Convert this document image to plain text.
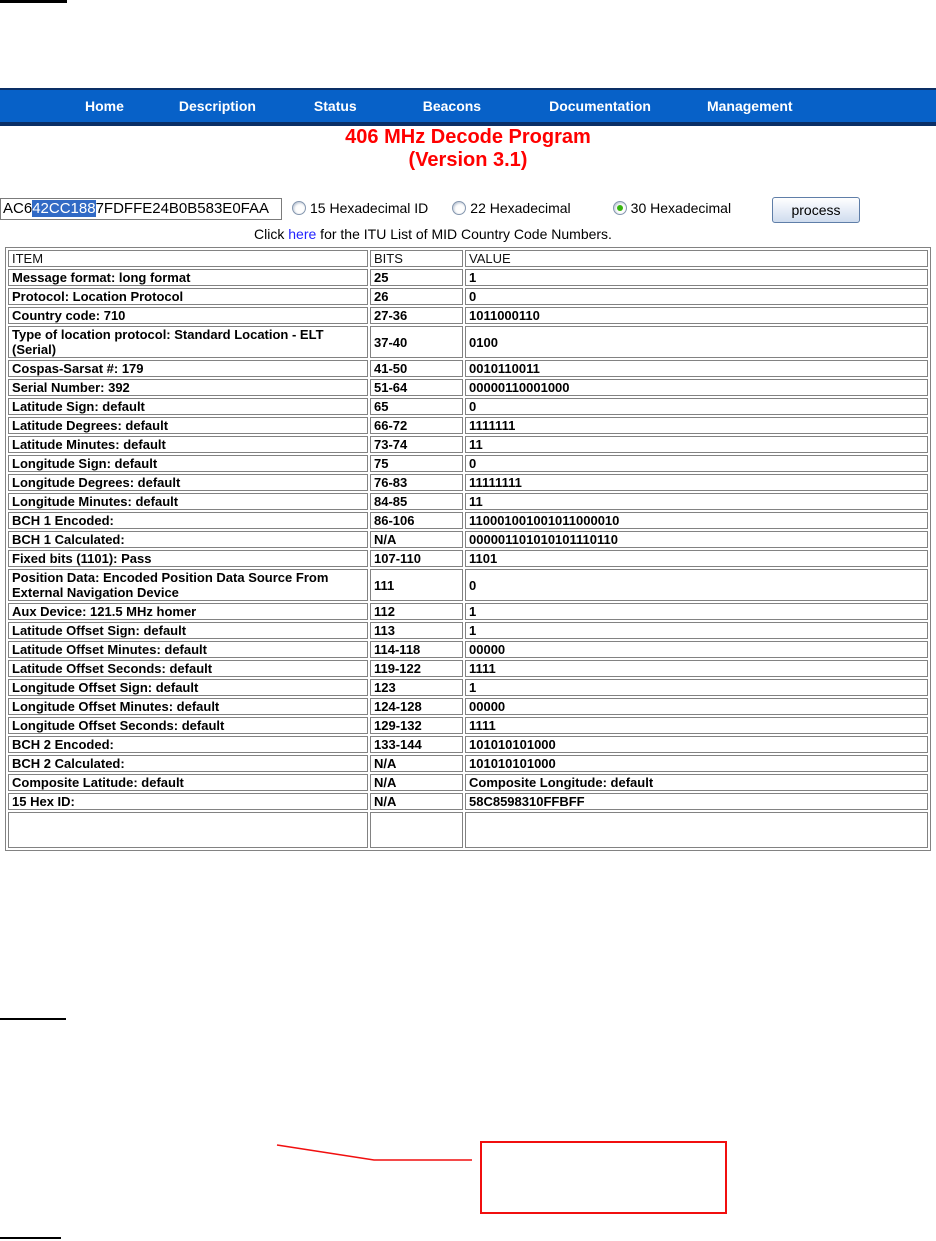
Home	Description	Status	Beacons	Documentation	Management
406 MHz Decode Program
(Version 3.1)
AC642CC1887FDFFE24B0B583E0FAA	15 Hexadecimal ID	22 Hexadecimal	30 Hexadecimal	process
Click here for the ITU List of MID Country Code Numbers.
ITEM	BITS	VALUE
Message format: long format	25	1
Protocol: Location Protocol	26	0
Country code: 710	27-36	1011000110
Type of location protocol: Standard Location - ELT (Serial)	37-40	0100
Cospas-Sarsat #: 179	41-50	0010110011
Serial Number: 392	51-64	00000110001000
Latitude Sign: default	65	0
Latitude Degrees: default	66-72	1111111
Latitude Minutes: default	73-74	11
Longitude Sign: default	75	0
Longitude Degrees: default	76-83	11111111
Longitude Minutes: default	84-85	11
BCH 1 Encoded:	86-106	110001001001011000010
BCH 1 Calculated:	N/A	000001101010101110110
Fixed bits (1101): Pass	107-110	1101
Position Data: Encoded Position Data Source From External Navigation Device	111	0
Aux Device: 121.5 MHz homer	112	1
Latitude Offset Sign: default	113	1
Latitude Offset Minutes: default	114-118	00000
Latitude Offset Seconds: default	119-122	1111
Longitude Offset Sign: default	123	1
Longitude Offset Minutes: default	124-128	00000
Longitude Offset Seconds: default	129-132	1111
BCH 2 Encoded:	133-144	101010101000
BCH 2 Calculated:	N/A	101010101000
Composite Latitude: default	N/A	Composite Longitude: default
15 Hex ID:	N/A	58C8598310FFBFF
